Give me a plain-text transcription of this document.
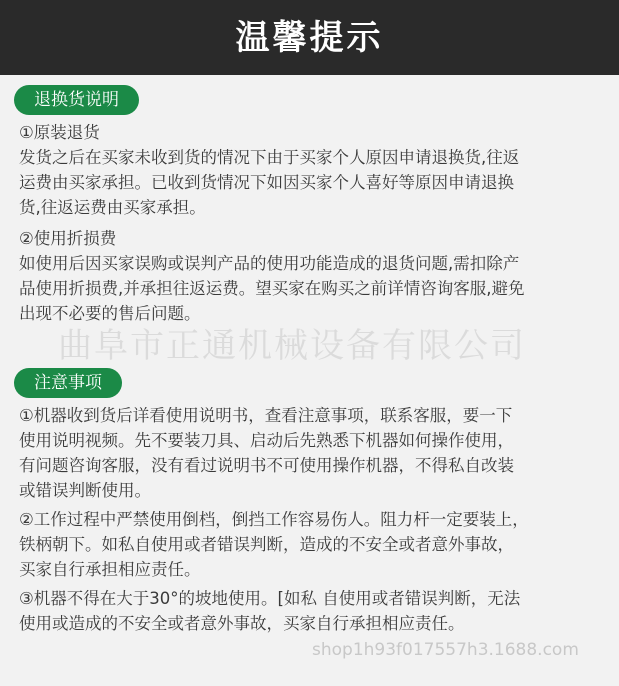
温馨提示
退换货说明
①原装退货
发货之后在买家未收到货的情况下由于买家个人原因申请退换货,往返
运费由买家承担。已收到货情况下如因买家个人喜好等原因申请退换
货,往返运费由买家承担。
②使用折损费
如使用后因买家误购或误判产品的使用功能造成的退货问题,需扣除产
品使用折损费,并承担往返运费。望买家在购买之前详情咨询客服,避免
出现不必要的售后问题。
曲阜市正通机械设备有限公司
注意事项
①机器收到货后详看使用说明书，查看注意事项，联系客服，要一下
使用说明视频。先不要装刀具、启动后先熟悉下机器如何操作使用，
有问题咨询客服，没有看过说明书不可使用操作机器，不得私自改装
或错误判断使用。
②工作过程中严禁使用倒档，倒挡工作容易伤人。阻力杆一定要装上，
铁柄朝下。如私自使用或者错误判断，造成的不安全或者意外事故，
买家自行承担相应责任。
③机器不得在大于30°的坡地使用。[如私 自使用或者错误判断，无法
使用或造成的不安全或者意外事故，买家自行承担相应责任。
shop1h93f017557h3.1688.com
